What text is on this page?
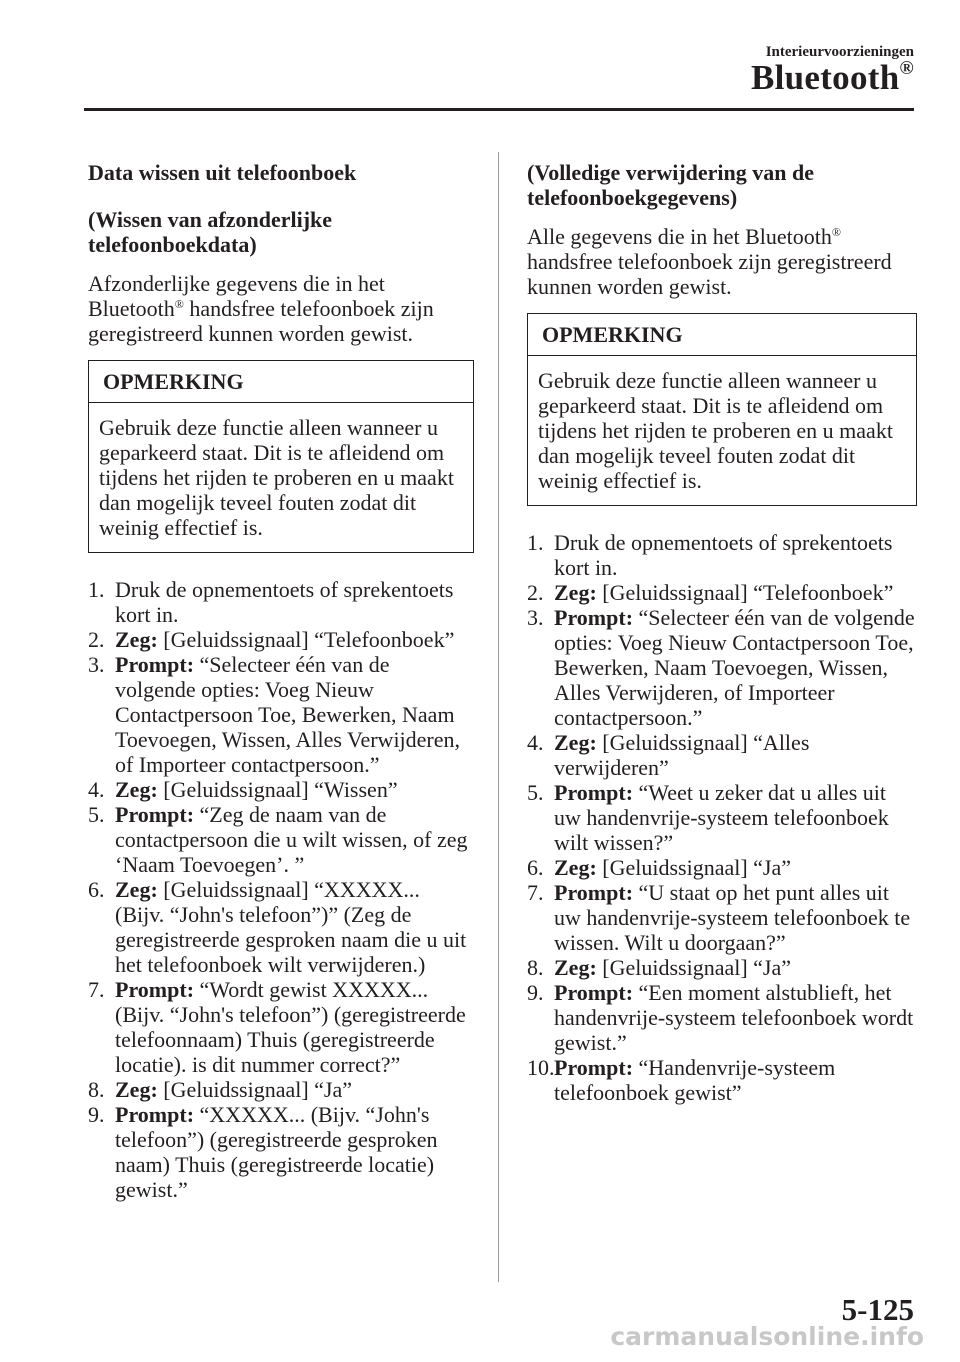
Interieurvoorzieningen
Bluetooth®
Data wissen uit telefoonboek
(Wissen van afzonderlijke telefoonboekdata)

Afzonderlijke gegevens die in het Bluetooth® handsfree telefoonboek zijn geregistreerd kunnen worden gewist.

OPMERKING
Gebruik deze functie alleen wanneer u geparkeerd staat. Dit is te afleidend om tijdens het rijden te proberen en u maakt dan mogelijk teveel fouten zodat dit weinig effectief is.
1. Druk de opnementoets of sprekentoets kort in.
2. Zeg: [Geluidssignaal] “Telefoonboek”
3. Prompt: “Selecteer één van de volgende opties: Voeg Nieuw Contactpersoon Toe, Bewerken, Naam Toevoegen, Wissen, Alles Verwijderen, of Importeer contactpersoon.”
4. Zeg: [Geluidssignaal] “Wissen”
5. Prompt: “Zeg de naam van de contactpersoon die u wilt wissen, of zeg ‘Naam Toevoegen’. ”
6. Zeg: [Geluidssignaal] “XXXXX... (Bijv. “John's telefoon”)” (Zeg de geregistreerde gesproken naam die u uit het telefoonboek wilt verwijderen.)
7. Prompt: “Wordt gewist XXXXX... (Bijv. “John's telefoon”) (geregistreerde telefoonnaam) Thuis (geregistreerde locatie). is dit nummer correct?”
8. Zeg: [Geluidssignaal] “Ja”
9. Prompt: “XXXXX... (Bijv. “John's telefoon”) (geregistreerde gesproken naam) Thuis (geregistreerde locatie) gewist.”
(Volledige verwijdering van de telefoonboekgegevens)

Alle gegevens die in het Bluetooth® handsfree telefoonboek zijn geregistreerd kunnen worden gewist.

OPMERKING
Gebruik deze functie alleen wanneer u geparkeerd staat. Dit is te afleidend om tijdens het rijden te proberen en u maakt dan mogelijk teveel fouten zodat dit weinig effectief is.
1. Druk de opnementoets of sprekentoets kort in.
2. Zeg: [Geluidssignaal] “Telefoonboek”
3. Prompt: “Selecteer één van de volgende opties: Voeg Nieuw Contactpersoon Toe, Bewerken, Naam Toevoegen, Wissen, Alles Verwijderen, of Importeer contactpersoon.”
4. Zeg: [Geluidssignaal] “Alles verwijderen”
5. Prompt: “Weet u zeker dat u alles uit uw handenvrije-systeem telefoonboek wilt wissen?”
6. Zeg: [Geluidssignaal] “Ja”
7. Prompt: “U staat op het punt alles uit uw handenvrije-systeem telefoonboek te wissen. Wilt u doorgaan?”
8. Zeg: [Geluidssignaal] “Ja”
9. Prompt: “Een moment alstublieft, het handenvrije-systeem telefoonboek wordt gewist.”
10. Prompt: “Handenvrije-systeem telefoonboek gewist”
5-125
carmanualsonline.info
